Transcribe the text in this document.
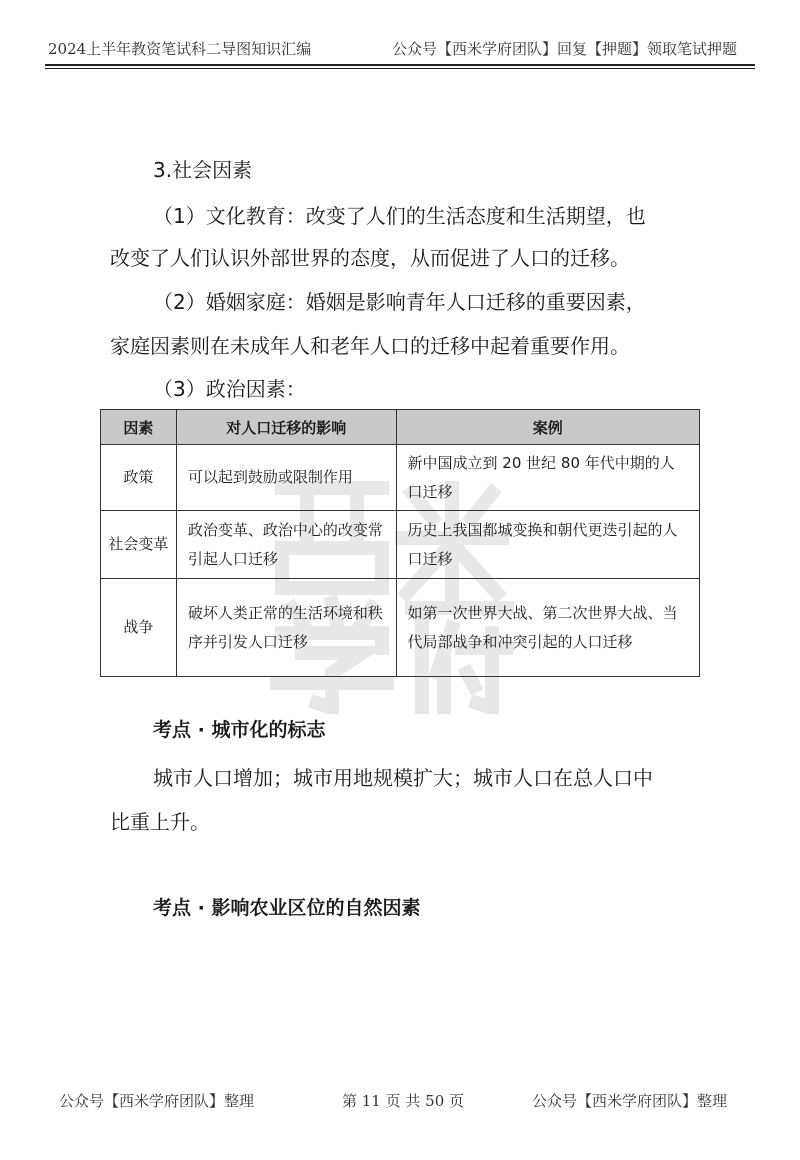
2024上半年教资笔试科二导图知识汇编	公众号【西米学府团队】回复【押题】领取笔试押题
3.社会因素
（1）文化教育：改变了人们的生活态度和生活期望，也
改变了人们认识外部世界的态度，从而促进了人口的迁移。
（2）婚姻家庭：婚姻是影响青年人口迁移的重要因素，
家庭因素则在未成年人和老年人口的迁移中起着重要作用。
（3）政治因素：
因素	对人口迁移的影响	案例
政策	可以起到鼓励或限制作用	新中国成立到 20 世纪 80 年代中期的人口迁移
社会变革	政治变革、政治中心的改变常引起人口迁移	历史上我国都城变换和朝代更迭引起的人口迁移
战争	破坏人类正常的生活环境和秩序并引发人口迁移	如第一次世界大战、第二次世界大战、当代局部战争和冲突引起的人口迁移
考点 · 城市化的标志
城市人口增加；城市用地规模扩大；城市人口在总人口中
比重上升。
考点 · 影响农业区位的自然因素
公众号【西米学府团队】整理	第 11 页 共 50 页	公众号【西米学府团队】整理
